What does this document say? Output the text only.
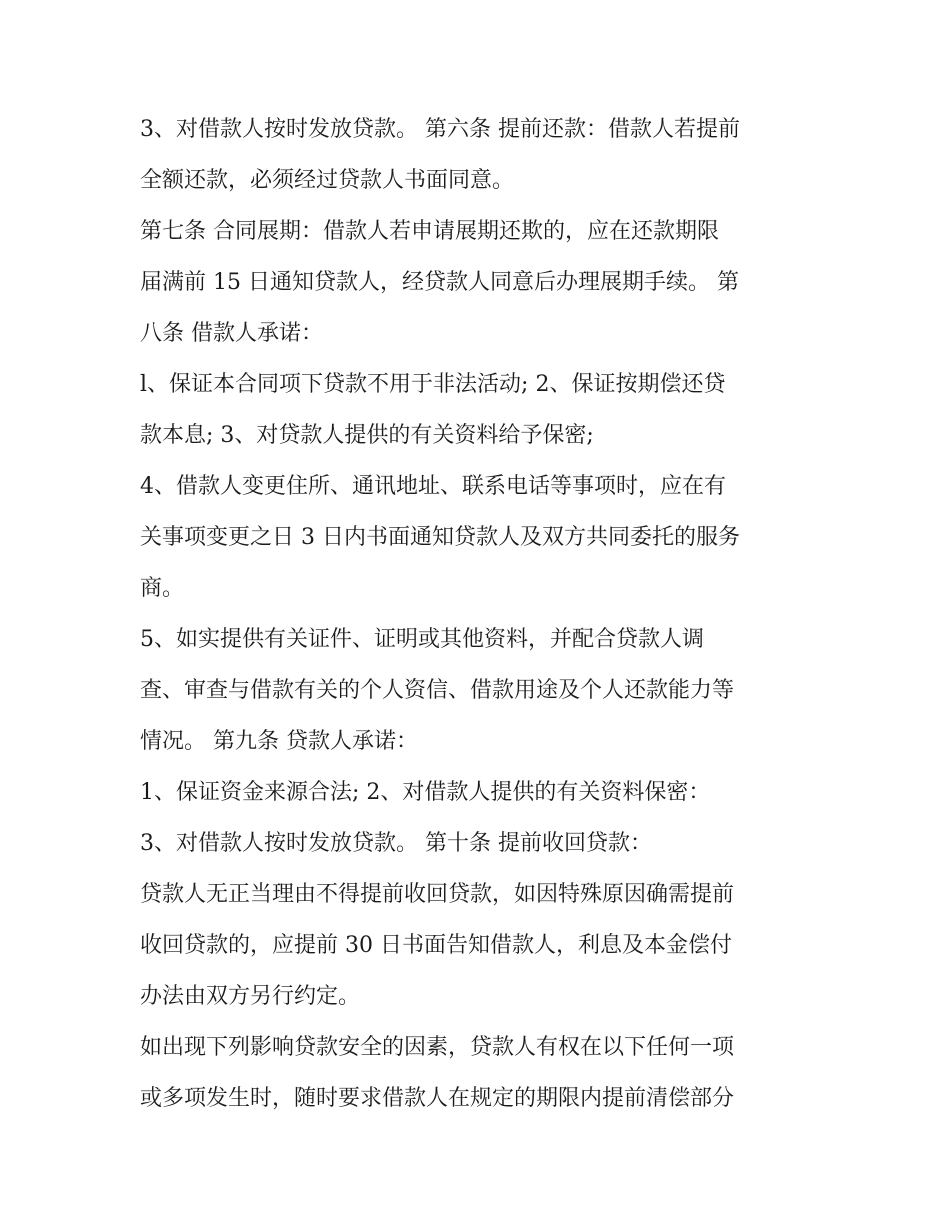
3、对借款人按时发放贷款。 第六条 提前还款：借款人若提前
全额还款，必须经过贷款人书面同意。
第七条 合同展期：借款人若申请展期还欺的，应在还款期限
届满前 15 日通知贷款人，经贷款人同意后办理展期手续。 第
八条 借款人承诺：
l、保证本合同项下贷款不用于非法活动; 2、保证按期偿还贷
款本息; 3、对贷款人提供的有关资料给予保密;
4、借款人变更住所、通讯地址、联系电话等事项时，应在有
关事项变更之日 3 日内书面通知贷款人及双方共同委托的服务
商。
5、如实提供有关证件、证明或其他资料，并配合贷款人调
查、审查与借款有关的个人资信、借款用途及个人还款能力等
情况。 第九条 贷款人承诺：
1、保证资金来源合法; 2、对借款人提供的有关资料保密：
3、对借款人按时发放贷款。 第十条 提前收回贷款：
贷款人无正当理由不得提前收回贷款，如因特殊原因确需提前
收回贷款的，应提前 30 日书面告知借款人，利息及本金偿付
办法由双方另行约定。
如出现下列影响贷款安全的因素，贷款人有权在以下任何一项
或多项发生时，随时要求借款人在规定的期限内提前清偿部分
